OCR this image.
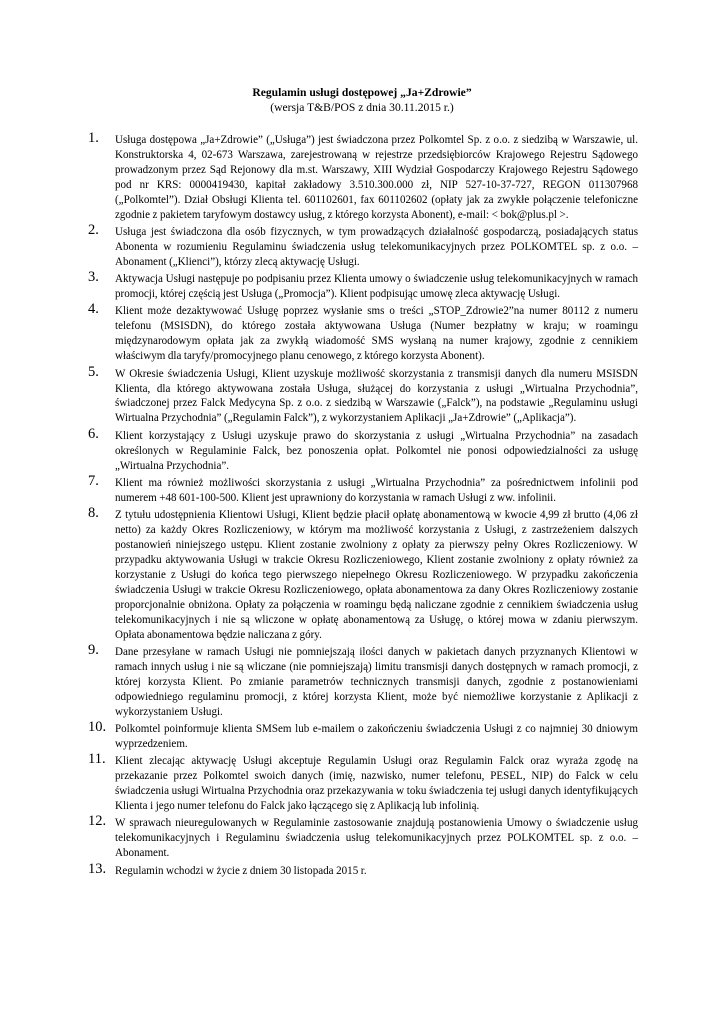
Regulamin usługi dostępowej „Ja+Zdrowie”
(wersja T&B/POS z dnia 30.11.2015 r.)
1. Usługa dostępowa „Ja+Zdrowie” („Usługa”) jest świadczona przez Polkomtel Sp. z o.o. z siedzibą w Warszawie, ul. Konstruktorska 4, 02-673 Warszawa, zarejestrowaną w rejestrze przedsiębiorców Krajowego Rejestru Sądowego prowadzonym przez Sąd Rejonowy dla m.st. Warszawy, XIII Wydział Gospodarczy Krajowego Rejestru Sądowego pod nr KRS: 0000419430, kapitał zakładowy 3.510.300.000 zł, NIP 527-10-37-727, REGON 011307968 („Polkomtel”). Dział Obsługi Klienta tel. 601102601, fax 601102602 (opłaty jak za zwykłe połączenie telefoniczne zgodnie z pakietem taryfowym dostawcy usług, z którego korzysta Abonent), e-mail: < bok@plus.pl >.
2. Usługa jest świadczona dla osób fizycznych, w tym prowadzących działalność gospodarczą, posiadających status Abonenta w rozumieniu Regulaminu świadczenia usług telekomunikacyjnych przez POLKOMTEL sp. z o.o. – Abonament („Klienci”), którzy zlecą aktywację Usługi.
3. Aktywacja Usługi następuje po podpisaniu przez Klienta umowy o świadczenie usług telekomunikacyjnych w ramach promocji, której częścią jest Usługa („Promocja”). Klient podpisując umowę zleca aktywację Usługi.
4. Klient może dezaktywować Usługę poprzez wysłanie sms o treści „STOP_Zdrowie2”na numer 80112 z numeru telefonu (MSISDN), do którego została aktywowana Usługa (Numer bezpłatny w kraju; w roamingu międzynarodowym opłata jak za zwykłą wiadomość SMS wysłaną na numer krajowy, zgodnie z cennikiem właściwym dla taryfy/promocyjnego planu cenowego, z którego korzysta Abonent).
5. W Okresie świadczenia Usługi, Klient uzyskuje możliwość skorzystania z transmisji danych dla numeru MSISDN Klienta, dla którego aktywowana została Usługa, służącej do korzystania z usługi „Wirtualna Przychodnia”, świadczonej przez Falck Medycyna Sp. z o.o. z siedzibą w Warszawie („Falck”), na podstawie „Regulaminu usługi Wirtualna Przychodnia” („Regulamin Falck”), z wykorzystaniem Aplikacji „Ja+Zdrowie” („Aplikacja”).
6. Klient korzystający z Usługi uzyskuje prawo do skorzystania z usługi „Wirtualna Przychodnia” na zasadach określonych w Regulaminie Falck, bez ponoszenia opłat. Polkomtel nie ponosi odpowiedzialności za usługę „Wirtualna Przychodnia”.
7. Klient ma również możliwości skorzystania z usługi „Wirtualna Przychodnia” za pośrednictwem infolinii pod numerem +48 601-100-500. Klient jest uprawniony do korzystania w ramach Usługi z ww. infolinii.
8. Z tytułu udostępnienia Klientowi Usługi, Klient będzie płacił opłatę abonamentową w kwocie 4,99 zł brutto (4,06 zł netto) za każdy Okres Rozliczeniowy, w którym ma możliwość korzystania z Usługi, z zastrzeżeniem dalszych postanowień niniejszego ustępu. Klient zostanie zwolniony z opłaty za pierwszy pełny Okres Rozliczeniowy. W przypadku aktywowania Usługi w trakcie Okresu Rozliczeniowego, Klient zostanie zwolniony z opłaty również za korzystanie z Usługi do końca tego pierwszego niepełnego Okresu Rozliczeniowego. W przypadku zakończenia świadczenia Usługi w trakcie Okresu Rozliczeniowego, opłata abonamentowa za dany Okres Rozliczeniowy zostanie proporcjonalnie obniżona. Opłaty za połączenia w roamingu będą naliczane zgodnie z cennikiem świadczenia usług telekomunikacyjnych i nie są wliczone w opłatę abonamentową za Usługę, o której mowa w zdaniu pierwszym. Opłata abonamentowa będzie naliczana z góry.
9. Dane przesyłane w ramach Usługi nie pomniejszają ilości danych w pakietach danych przyznanych Klientowi w ramach innych usług i nie są wliczane (nie pomniejszają) limitu transmisji danych dostępnych w ramach promocji, z której korzysta Klient. Po zmianie parametrów technicznych transmisji danych, zgodnie z postanowieniami odpowiedniego regulaminu promocji, z której korzysta Klient, może być niemożliwe korzystanie z Aplikacji z wykorzystaniem Usługi.
10. Polkomtel poinformuje klienta SMSem lub e-mailem o zakończeniu świadczenia Usługi z co najmniej 30 dniowym wyprzedzeniem.
11. Klient zlecając aktywację Usługi akceptuje Regulamin Usługi oraz Regulamin Falck oraz wyraża zgodę na przekazanie przez Polkomtel swoich danych (imię, nazwisko, numer telefonu, PESEL, NIP) do Falck w celu świadczenia usługi Wirtualna Przychodnia oraz przekazywania w toku świadczenia tej usługi danych identyfikujących Klienta i jego numer telefonu do Falck jako łączącego się z Aplikacją lub infolinią.
12. W sprawach nieuregulowanych w Regulaminie zastosowanie znajdują postanowienia Umowy o świadczenie usług telekomunikacyjnych i Regulaminu świadczenia usług telekomunikacyjnych przez POLKOMTEL sp. z o.o. – Abonament.
13. Regulamin wchodzi w życie z dniem 30 listopada 2015 r.
